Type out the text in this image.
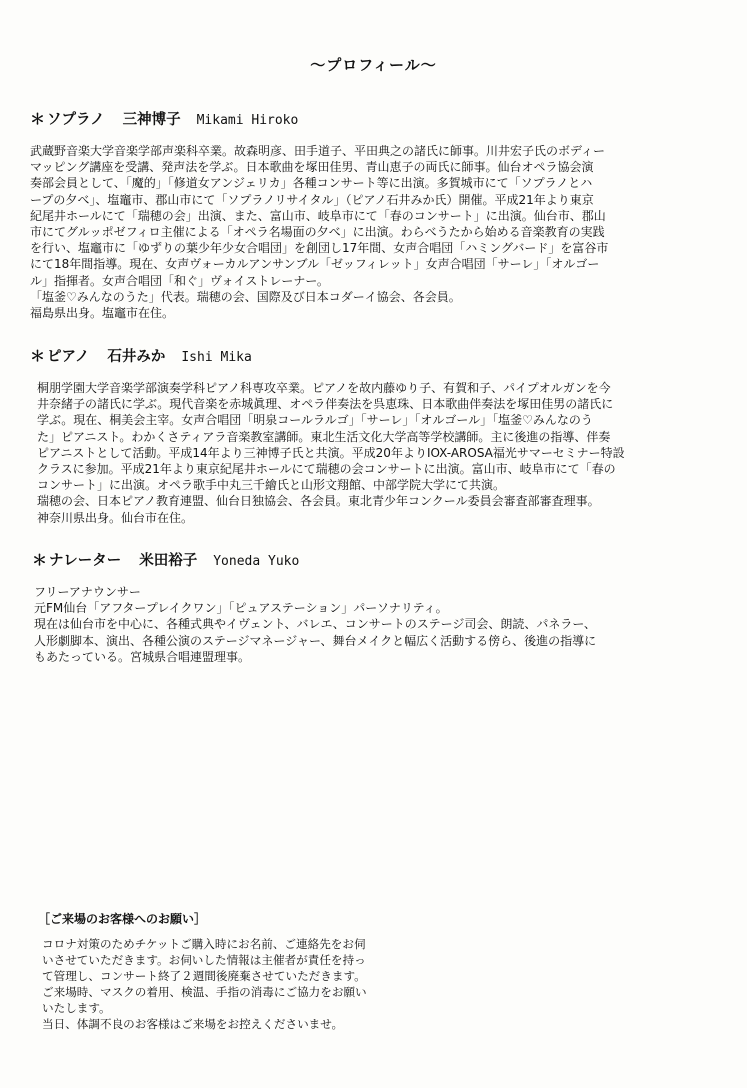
〜プロフィール〜
＊ ソプラノ 三神博子 Mikami Hiroko
武蔵野音楽大学音楽学部声楽科卒業。故森明彦、田手道子、平田典之の諸氏に師事。川井宏子氏のボディー
マッピング講座を受講、発声法を学ぶ。日本歌曲を塚田佳男、青山恵子の両氏に師事。仙台オペラ協会演
奏部会員として、「魔的」「修道女アンジェリカ」各種コンサート等に出演。多賀城市にて「ソプラノとハ
ープの夕べ」、塩竈市、郡山市にて「ソプラノリサイタル」（ピアノ石井みか氏）開催。平成21年より東京
紀尾井ホールにて「瑞穂の会」出演、また、富山市、岐阜市にて「春のコンサート」に出演。仙台市、郡山
市にてグルッポゼフィロ主催による「オペラ名場面の夕べ」に出演。わらべうたから始める音楽教育の実践
を行い、塩竈市に「ゆずりの葉少年少女合唱団」を創団し17年間、女声合唱団「ハミングバード」を富谷市
にて18年間指導。現在、女声ヴォーカルアンサンブル「ゼッフィレット」女声合唱団「サーレ」「オルゴー
ル」指揮者。女声合唱団「和ぐ」ヴォイストレーナー。
「塩釜♡みんなのうた」代表。瑞穂の会、国際及び日本コダーイ協会、各会員。
福島県出身。塩竈市在住。
＊ ピアノ 石井みか Ishi Mika
桐朋学園大学音楽学部演奏学科ピアノ科専攻卒業。ピアノを故内藤ゆり子、有賀和子、パイプオルガンを今
井奈緒子の諸氏に学ぶ。現代音楽を赤城眞理、オペラ伴奏法を呉恵珠、日本歌曲伴奏法を塚田佳男の諸氏に
学ぶ。現在、桐美会主宰。女声合唱団「明泉コールラルゴ」「サーレ」「オルゴール」「塩釜♡みんなのう
た」ピアニスト。わかくさティアラ音楽教室講師。東北生活文化大学高等学校講師。主に後進の指導、伴奏
ピアニストとして活動。平成14年より三神博子氏と共演。平成20年よりIOX-AROSA福光サマーセミナー特設
クラスに参加。平成21年より東京紀尾井ホールにて瑞穂の会コンサートに出演。富山市、岐阜市にて「春の
コンサート」に出演。オペラ歌手中丸三千繪氏と山形文翔館、中部学院大学にて共演。
瑞穂の会、日本ピアノ教育連盟、仙台日独協会、各会員。東北青少年コンクール委員会審査部審査理事。
神奈川県出身。仙台市在住。
＊ ナレーター 米田裕子 Yoneda Yuko
フリーアナウンサー
元FM仙台「アフタープレイクワン」「ピュアステーション」パーソナリティ。
現在は仙台市を中心に、各種式典やイヴェント、バレエ、コンサートのステージ司会、朗読、パネラー、
人形劇脚本、演出、各種公演のステージマネージャー、舞台メイクと幅広く活動する傍ら、後進の指導に
もあたっている。宮城県合唱連盟理事。
［ご来場のお客様へのお願い］
コロナ対策のためチケットご購入時にお名前、ご連絡先をお伺
いさせていただきます。お伺いした情報は主催者が責任を持っ
て管理し、コンサート終了２週間後廃棄させていただきます。
ご来場時、マスクの着用、検温、手指の消毒にご協力をお願い
いたします。
当日、体調不良のお客様はご来場をお控えくださいませ。
